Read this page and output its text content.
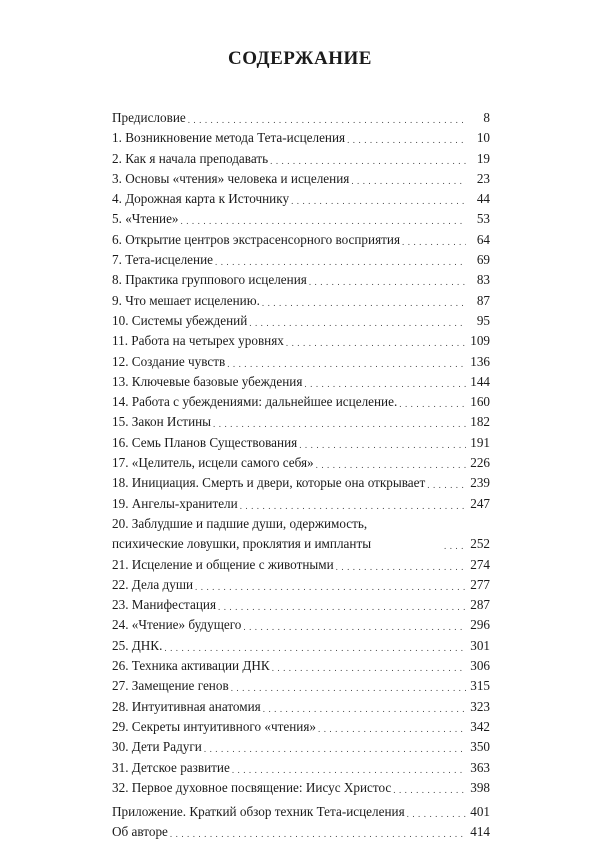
СОДЕРЖАНИЕ
Предисловие . . .	8
1. Возникновение метода Тета-исцеления . . .	10
2. Как я начала преподавать . . .	19
3. Основы «чтения» человека и исцеления . . .	23
4. Дорожная карта к Источнику . . .	44
5. «Чтение» . . .	53
6. Открытие центров экстрасенсорного восприятия . . .	64
7. Тета-исцеление . . .	69
8. Практика группового исцеления . . .	83
9. Что мешает исцелению. . . .	87
10. Системы убеждений . . .	95
11. Работа на четырех уровнях . . .	109
12. Создание чувств . . .	136
13. Ключевые базовые убеждения . . .	144
14. Работа с убеждениями: дальнейшее исцеление. . . .	160
15. Закон Истины . . .	182
16. Семь Планов Существования . . .	191
17. «Целитель, исцели самого себя» . . .	226
18. Инициация. Смерть и двери, которые она открывает . . .	239
19. Ангелы-хранители . . .	247
20. Заблудшие и падшие души, одержимость, психические ловушки, проклятия и импланты . . .	252
21. Исцеление и общение с животными . . .	274
22. Дела души . . .	277
23. Манифестация . . .	287
24. «Чтение» будущего . . .	296
25. ДНК. . . .	301
26. Техника активации ДНК . . .	306
27. Замещение генов . . .	315
28. Интуитивная анатомия . . .	323
29. Секреты интуитивного «чтения» . . .	342
30. Дети Радуги . . .	350
31. Детское развитие . . .	363
32. Первое духовное посвящение: Иисус Христос . . .	398
Приложение. Краткий обзор техник Тета-исцеления . . .	401
Об авторе . . .	414
